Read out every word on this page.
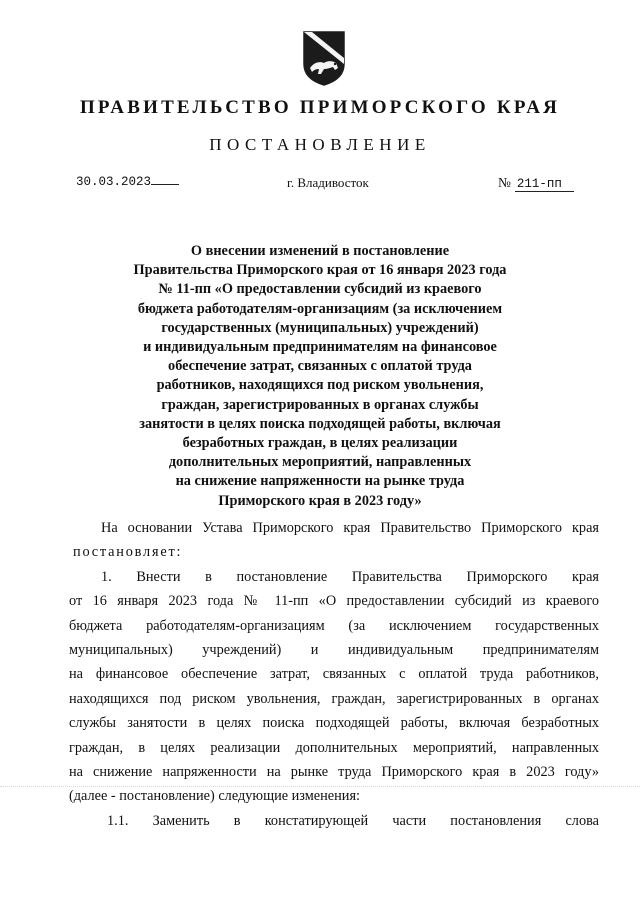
ПРАВИТЕЛЬСТВО ПРИМОРСКОГО КРАЯ
ПОСТАНОВЛЕНИЕ
30.03.2023	г. Владивосток	№ 211-пп
О внесении изменений в постановление
Правительства Приморского края от 16 января 2023 года
№ 11-пп «О предоставлении субсидий из краевого
бюджета работодателям-организациям (за исключением
государственных (муниципальных) учреждений)
и индивидуальным предпринимателям на финансовое
обеспечение затрат, связанных с оплатой труда
работников, находящихся под риском увольнения,
граждан, зарегистрированных в органах службы
занятости в целях поиска подходящей работы, включая
безработных граждан, в целях реализации
дополнительных мероприятий, направленных
на снижение напряженности на рынке труда
Приморского края в 2023 году»
На основании Устава Приморского края Правительство Приморского края
постановляет:
1. Внести в постановление Правительства Приморского края
от 16 января 2023 года № 11-пп «О предоставлении субсидий из краевого
бюджета работодателям-организациям (за исключением государственных
муниципальных) учреждений) и индивидуальным предпринимателям
на финансовое обеспечение затрат, связанных с оплатой труда работников,
находящихся под риском увольнения, граждан, зарегистрированных в органах
службы занятости в целях поиска подходящей работы, включая безработных
граждан, в целях реализации дополнительных мероприятий, направленных
на снижение напряженности на рынке труда Приморского края в 2023 году»
(далее - постановление) следующие изменения:
1.1. Заменить в констатирующей части постановления слова
